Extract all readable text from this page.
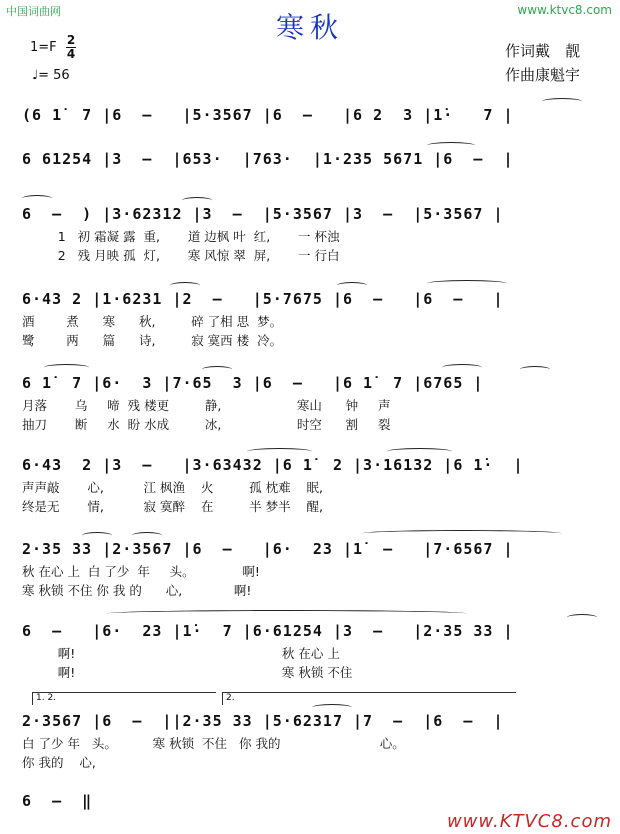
中国词曲网	www.ktvc8.com
寒秋
1=F 2
4
♩= 56
作词戴　靓
作曲康魁宇
(6 1̇  7 |6  —   |5·3567 |6  —   |6 2  3 |1̇·   7 |
6 61254 |3  —  |653·  |763·  |1·235 5671 |6  —  |
6  —  ) |3·62312 |3  —  |5·3567 |3  —  |5·3567 |
1   初 霜凝 露  重,       道 边枫 叶  红,       一 杯浊
2   残 月映 孤  灯,       寒 风惊 翠  屏,       一 行白
6·43 2 |1·6231 |2  —   |5·7675 |6  —   |6  —   |
酒        煮      寒      秋,         碎 了相 思  梦。
鹭        两      篇      诗,         寂 寞西 楼  冷。
6 1̇  7 |6·  3 |7·65  3 |6  —   |6 1̇  7 |6765 |
月落       乌     啼  残 楼更         静,                   寒山      钟     声
抽刀       断     水  盼 水成         冰,                   时空      割     裂
6·43  2 |3  —   |3·63432 |6 1̇  2 |3·16132 |6 1̇·  |
声声敲       心,          江 枫渔    火         孤 枕难    眠,
终是无       情,          寂 寞醉    在         半 梦半    醒,
2·35 33 |2·3567 |6  —   |6·  23 |1̇  —   |7·6567 |
秋 在心 上  白 了少  年     头。            啊!
寒 秋锁 不住 你 我 的      心,             啊!
6  —   |6·  23 |1̇·  7 |6·61254 |3  —   |2·35 33 |
啊!                                                    秋 在心 上
啊!                                                    寒 秋锁 不住
1. 2.	2.
2·3567 |6  —  ||2·35 33 |5·62317 |7  —  |6  —  |
白 了少 年   头。         寒 秋锁  不住   你 我的                         心。
你 我的    心,
6  —  ‖
www.KTVC8.com
